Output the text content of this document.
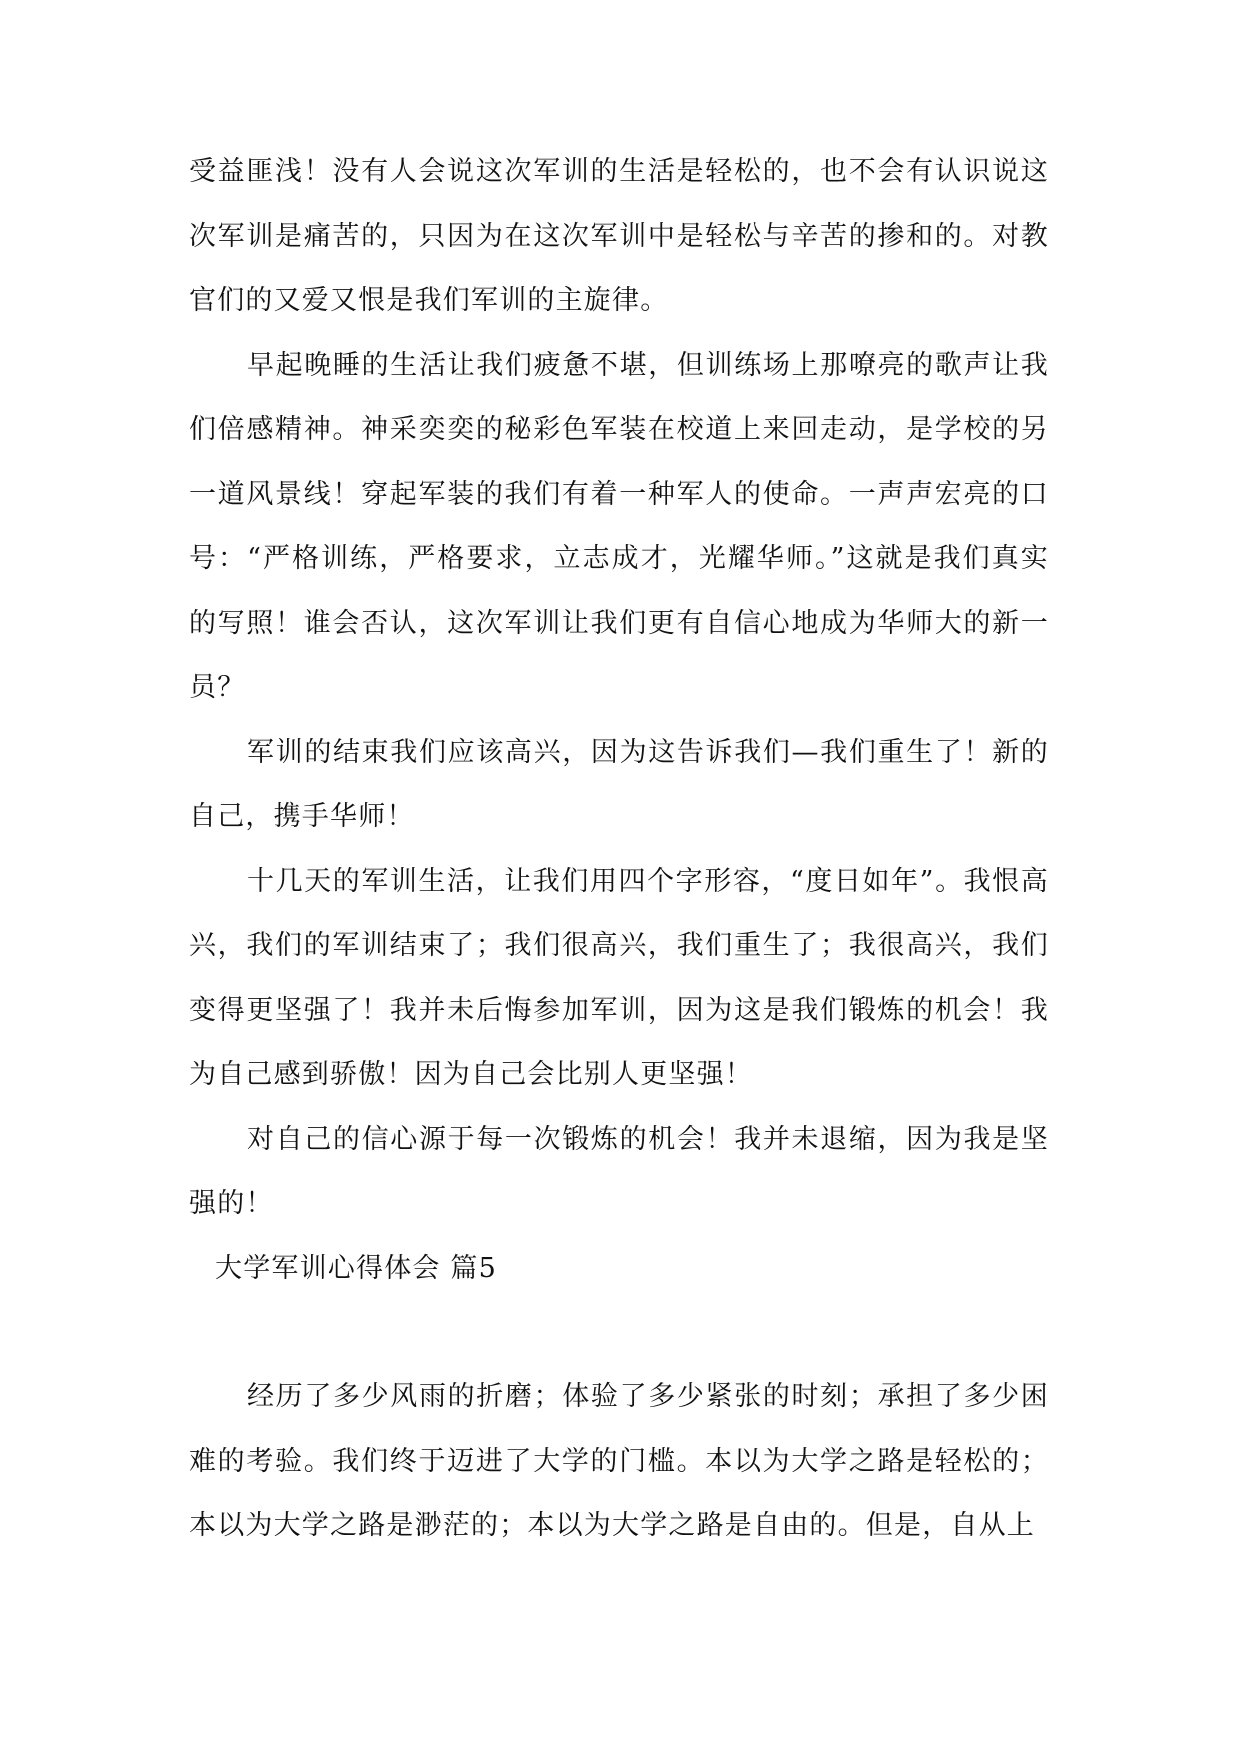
受益匪浅！没有人会说这次军训的生活是轻松的，也不会有认识说这次军训是痛苦的，只因为在这次军训中是轻松与辛苦的掺和的。对教官们的又爱又恨是我们军训的主旋律。

早起晚睡的生活让我们疲惫不堪，但训练场上那嘹亮的歌声让我们倍感精神。神采奕奕的秘彩色军装在校道上来回走动，是学校的另一道风景线！穿起军装的我们有着一种军人的使命。一声声宏亮的口号：“严格训练，严格要求，立志成才，光耀华师。”这就是我们真实的写照！谁会否认，这次军训让我们更有自信心地成为华师大的新一员？

军训的结束我们应该高兴，因为这告诉我们—我们重生了！新的自己，携手华师！

十几天的军训生活，让我们用四个字形容，“度日如年”。我恨高兴，我们的军训结束了；我们很高兴，我们重生了；我很高兴，我们变得更坚强了！我并未后悔参加军训，因为这是我们锻炼的机会！我为自己感到骄傲！因为自己会比别人更坚强！

对自己的信心源于每一次锻炼的机会！我并未退缩，因为我是坚强的！

大学军训心得体会 篇5

经历了多少风雨的折磨；体验了多少紧张的时刻；承担了多少困难的考验。我们终于迈进了大学的门槛。本以为大学之路是轻松的；本以为大学之路是渺茫的；本以为大学之路是自由的。但是，自从上
